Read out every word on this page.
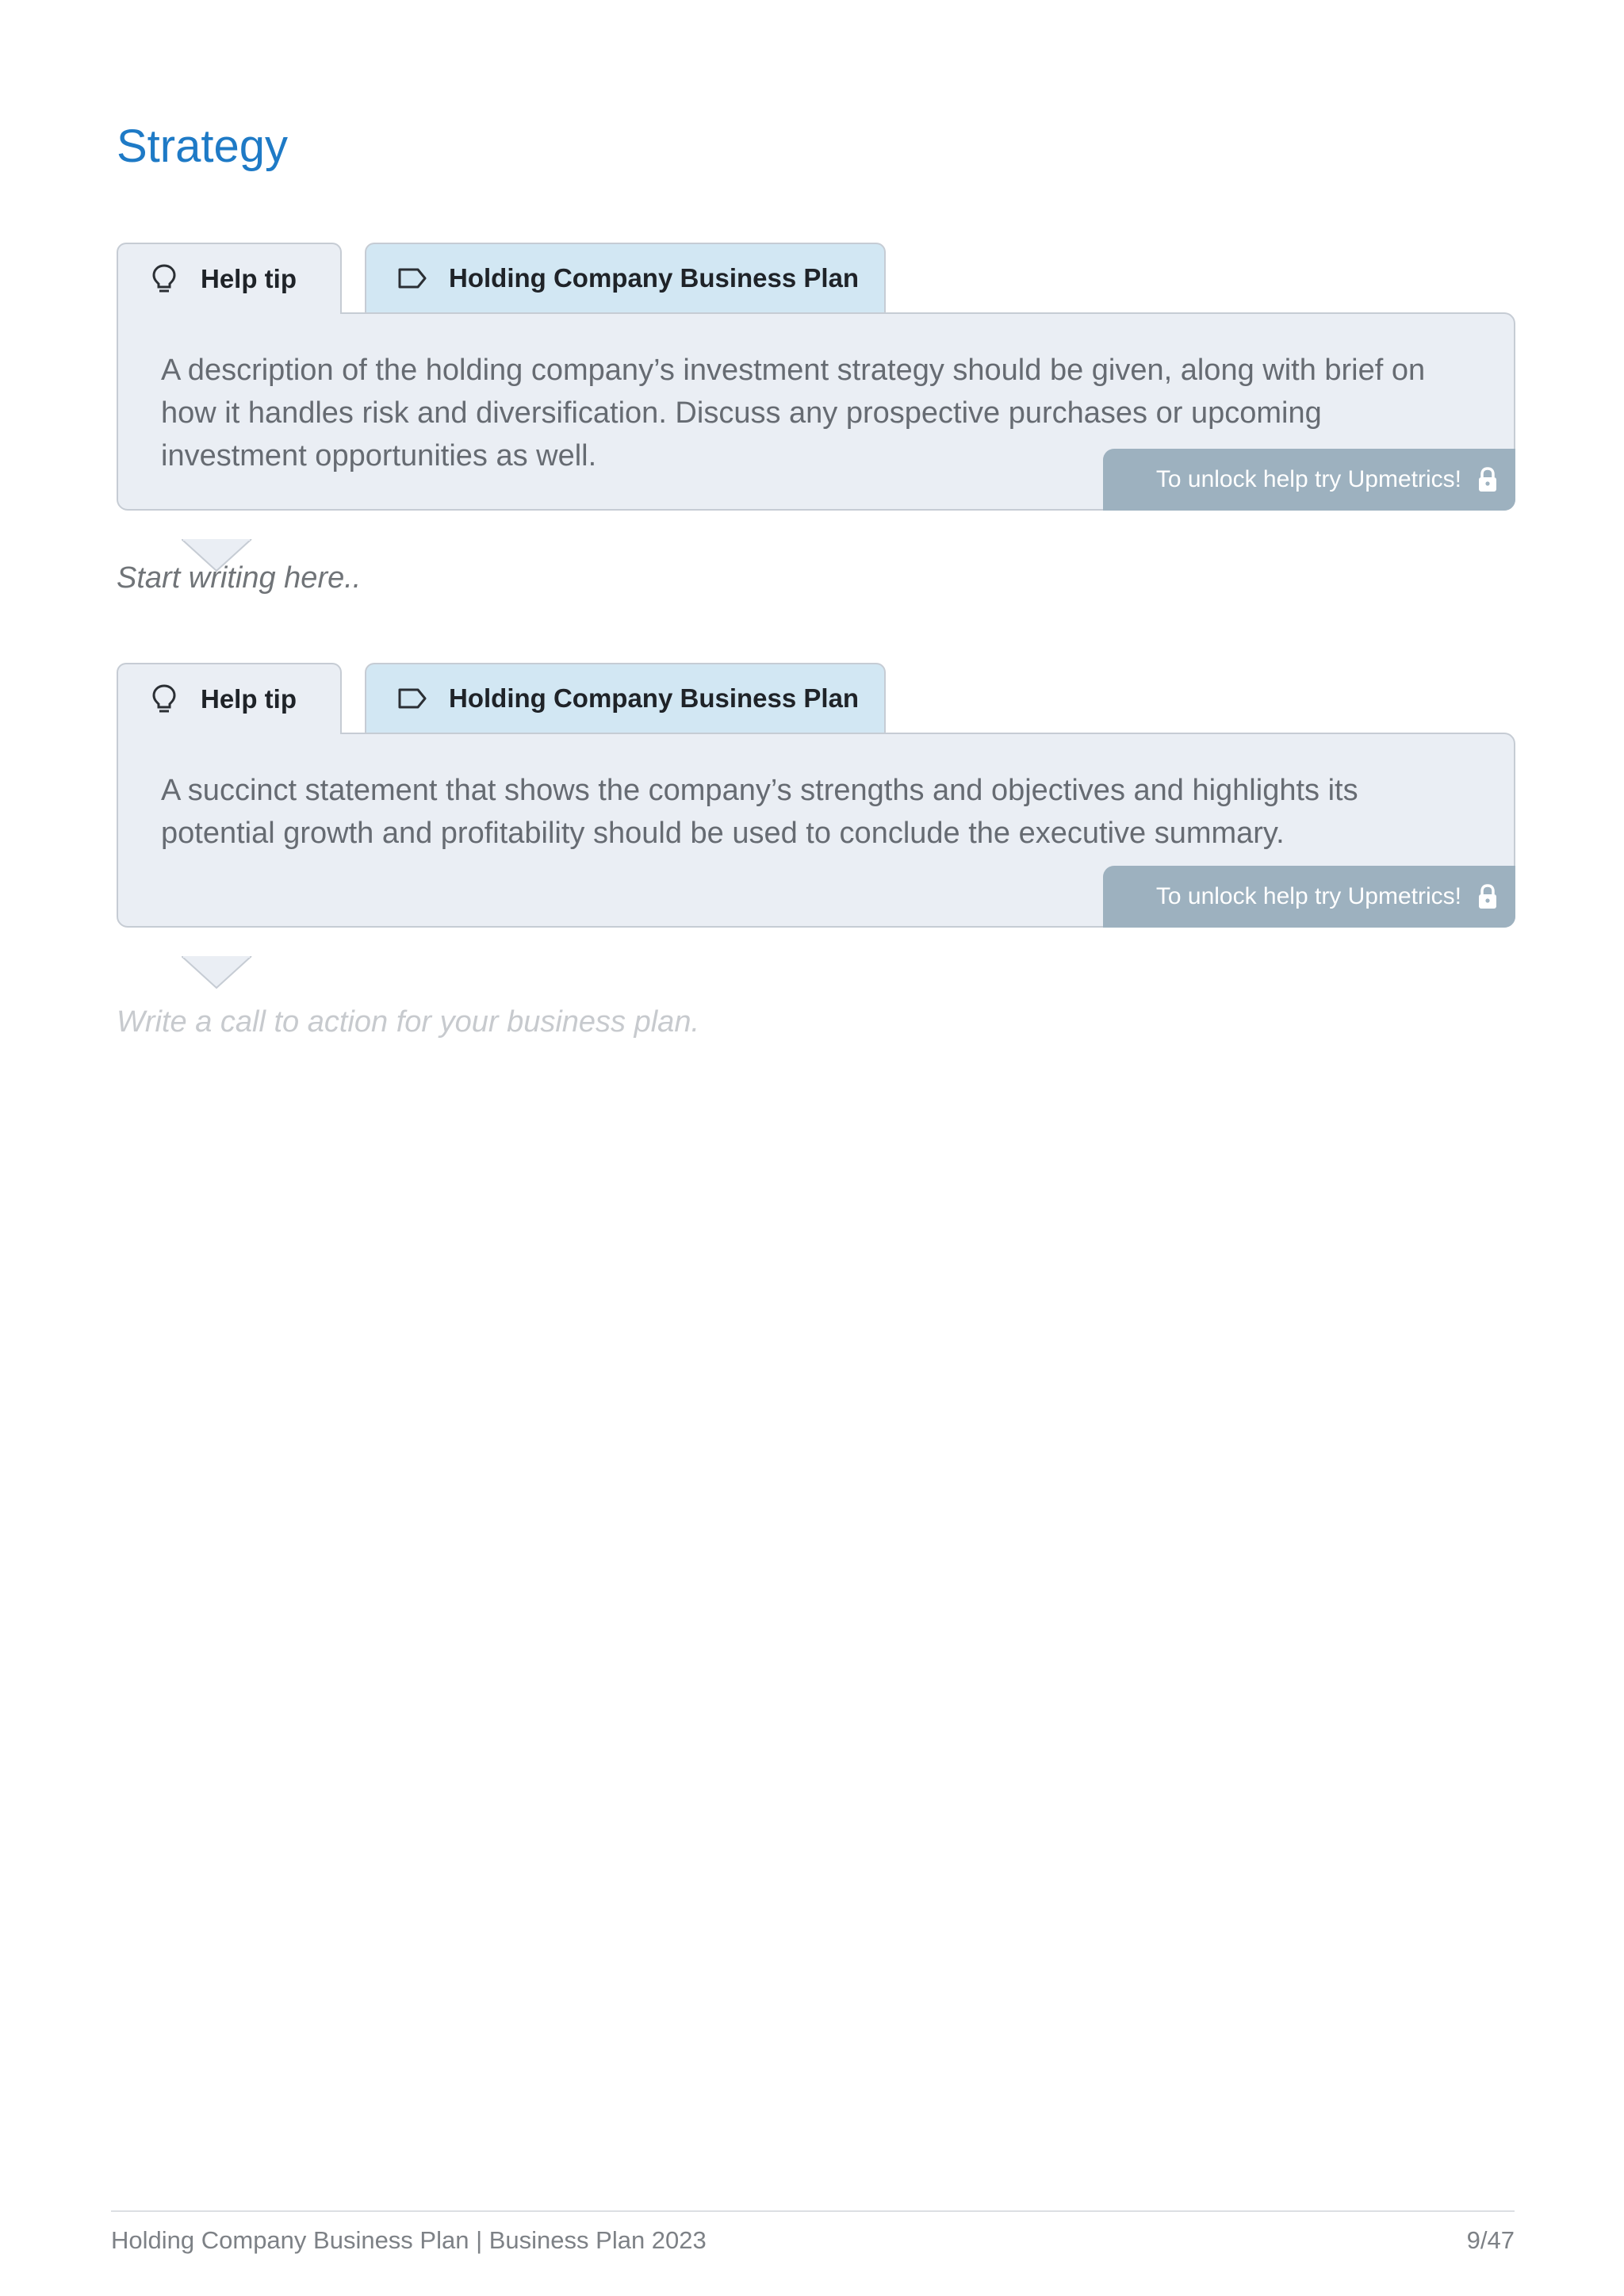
Strategy
Help tip	Holding Company Business Plan

A description of the holding company’s investment strategy should be given, along with brief on how it handles risk and diversification. Discuss any prospective purchases or upcoming investment opportunities as well.

To unlock help try Upmetrics!

Start writing here..

Help tip	Holding Company Business Plan

A succinct statement that shows the company’s strengths and objectives and highlights its potential growth and profitability should be used to conclude the executive summary.

To unlock help try Upmetrics!

Write a call to action for your business plan.

Holding Company Business Plan | Business Plan 2023	9/47
